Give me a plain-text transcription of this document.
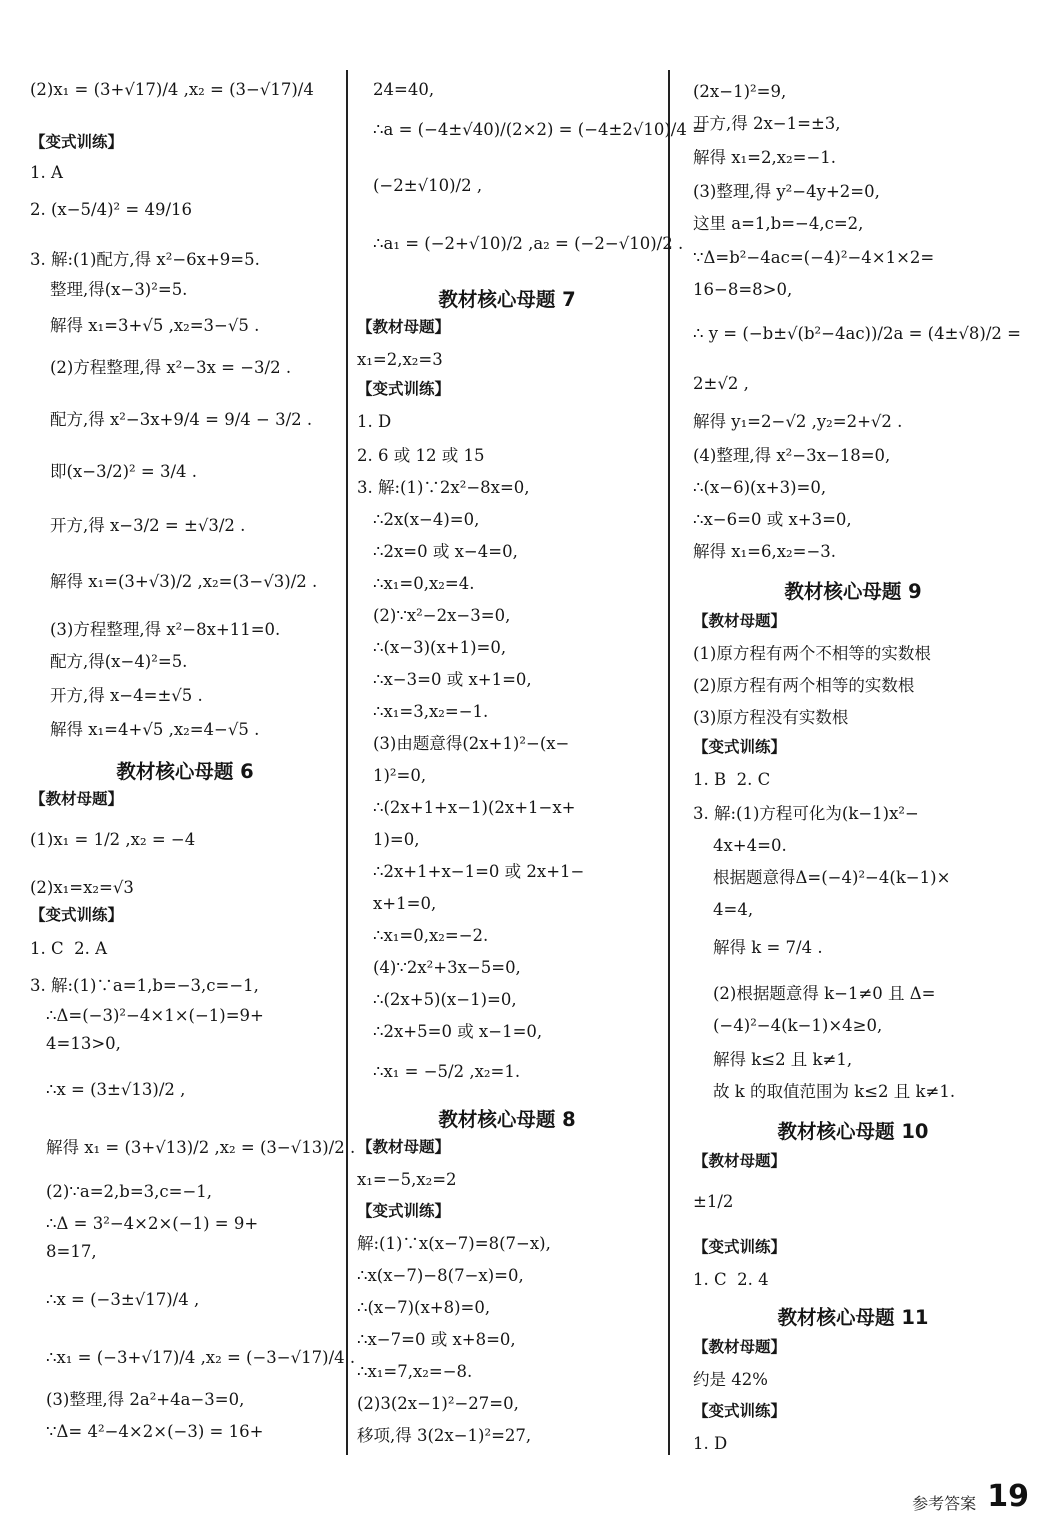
(2)x₁ = (3+√17)/4 ,x₂ = (3−√17)/4
【变式训练】
1. A
2. (x−5/4)² = 49/16
3. 解:(1)配方,得 x²−6x+9=5.
整理,得(x−3)²=5.
解得 x₁=3+√5 ,x₂=3−√5 .
(2)方程整理,得 x²−3x = −3/2 .
配方,得 x²−3x+9/4 = 9/4 − 3/2 .
即(x−3/2)² = 3/4 .
开方,得 x−3/2 = ±√3/2 .
解得 x₁=(3+√3)/2 ,x₂=(3−√3)/2 .
(3)方程整理,得 x²−8x+11=0.
配方,得(x−4)²=5.
开方,得 x−4=±√5 .
解得 x₁=4+√5 ,x₂=4−√5 .
【教材母题】
(1)x₁ = 1/2 ,x₂ = −4
(2)x₁=x₂=√3
【变式训练】
1. C  2. A
3. 解:(1)∵a=1,b=−3,c=−1,
∴Δ=(−3)²−4×1×(−1)=9+
4=13>0,
∴x = (3±√13)/2 ,
解得 x₁ = (3+√13)/2 ,x₂ = (3−√13)/2 .
(2)∵a=2,b=3,c=−1,
∴Δ = 3²−4×2×(−1) = 9+
8=17,
∴x = (−3±√17)/4 ,
∴x₁ = (−3+√17)/4 ,x₂ = (−3−√17)/4 .
(3)整理,得 2a²+4a−3=0,
∵Δ= 4²−4×2×(−3) = 16+
教材核心母题 6
24=40,
∴a = (−4±√40)/(2×2) = (−4±2√10)/4 =
(−2±√10)/2 ,
∴a₁ = (−2+√10)/2 ,a₂ = (−2−√10)/2 .
【教材母题】
x₁=2,x₂=3
【变式训练】
1. D
2. 6 或 12 或 15
3. 解:(1)∵2x²−8x=0,
∴2x(x−4)=0,
∴2x=0 或 x−4=0,
∴x₁=0,x₂=4.
(2)∵x²−2x−3=0,
∴(x−3)(x+1)=0,
∴x−3=0 或 x+1=0,
∴x₁=3,x₂=−1.
(3)由题意得(2x+1)²−(x−
1)²=0,
∴(2x+1+x−1)(2x+1−x+
1)=0,
∴2x+1+x−1=0 或 2x+1−
x+1=0,
∴x₁=0,x₂=−2.
(4)∵2x²+3x−5=0,
∴(2x+5)(x−1)=0,
∴2x+5=0 或 x−1=0,
∴x₁ = −5/2 ,x₂=1.
【教材母题】
x₁=−5,x₂=2
【变式训练】
解:(1)∵x(x−7)=8(7−x),
∴x(x−7)−8(7−x)=0,
∴(x−7)(x+8)=0,
∴x−7=0 或 x+8=0,
∴x₁=7,x₂=−8.
(2)3(2x−1)²−27=0,
移项,得 3(2x−1)²=27,
教材核心母题 7
教材核心母题 8
(2x−1)²=9,
开方,得 2x−1=±3,
解得 x₁=2,x₂=−1.
(3)整理,得 y²−4y+2=0,
这里 a=1,b=−4,c=2,
∵Δ=b²−4ac=(−4)²−4×1×2=
16−8=8>0,
∴ y = (−b±√(b²−4ac))/2a = (4±√8)/2 =
2±√2 ,
解得 y₁=2−√2 ,y₂=2+√2 .
(4)整理,得 x²−3x−18=0,
∴(x−6)(x+3)=0,
∴x−6=0 或 x+3=0,
解得 x₁=6,x₂=−3.
【教材母题】
(1)原方程有两个不相等的实数根
(2)原方程有两个相等的实数根
(3)原方程没有实数根
【变式训练】
1. B  2. C
3. 解:(1)方程可化为(k−1)x²−
4x+4=0.
根据题意得Δ=(−4)²−4(k−1)×
4=4,
解得 k = 7/4 .
(2)根据题意得 k−1≠0 且 Δ=
(−4)²−4(k−1)×4≥0,
解得 k≤2 且 k≠1,
故 k 的取值范围为 k≤2 且 k≠1.
【教材母题】
±1/2
【变式训练】
1. C  2. 4
【教材母题】
约是 42%
【变式训练】
1. D
教材核心母题 9
教材核心母题 10
教材核心母题 11
参考答案 19
